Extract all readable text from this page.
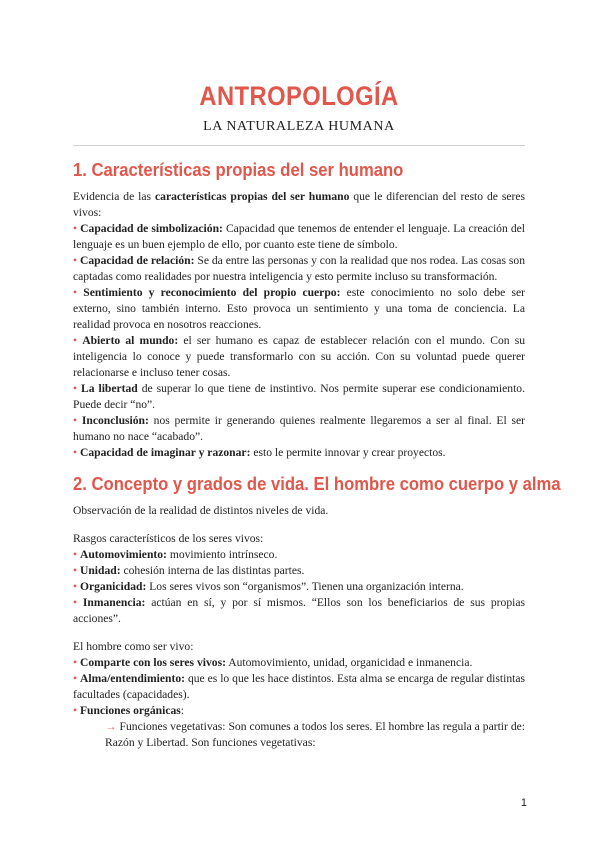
ANTROPOLOGÍA
LA NATURALEZA HUMANA
1. Características propias del ser humano

Evidencia de las características propias del ser humano que le diferencian del resto de seres vivos:

• Capacidad de simbolización: Capacidad que tenemos de entender el lenguaje. La creación del lenguaje es un buen ejemplo de ello, por cuanto este tiene de símbolo.

• Capacidad de relación: Se da entre las personas y con la realidad que nos rodea. Las cosas son captadas como realidades por nuestra inteligencia y esto permite incluso su transformación.

• Sentimiento y reconocimiento del propio cuerpo: este conocimiento no solo debe ser externo, sino también interno. Esto provoca un sentimiento y una toma de conciencia. La realidad provoca en nosotros reacciones.

• Abierto al mundo: el ser humano es capaz de establecer relación con el mundo. Con su inteligencia lo conoce y puede transformarlo con su acción. Con su voluntad puede querer relacionarse e incluso tener cosas.

• La libertad de superar lo que tiene de instintivo. Nos permite superar ese condicionamiento. Puede decir “no”.

• Inconclusión: nos permite ir generando quienes realmente llegaremos a ser al final. El ser humano no nace “acabado”.

• Capacidad de imaginar y razonar: esto le permite innovar y crear proyectos.

2. Concepto y grados de vida. El hombre como cuerpo y alma

Observación de la realidad de distintos niveles de vida.

Rasgos característicos de los seres vivos:

• Automovimiento: movimiento intrínseco.

• Unidad: cohesión interna de las distintas partes.

• Organicidad: Los seres vivos son “organismos”. Tienen una organización interna.

• Inmanencia: actúan en sí, y por sí mismos. “Ellos son los beneficiarios de sus propias acciones”.

El hombre como ser vivo:

• Comparte con los seres vivos: Automovimiento, unidad, organicidad e inmanencia.

• Alma/entendimiento: que es lo que les hace distintos. Esta alma se encarga de regular distintas facultades (capacidades).

• Funciones orgánicas:

→ Funciones vegetativas: Son comunes a todos los seres. El hombre las regula a partir de: Razón y Libertad. Son funciones vegetativas:

1
